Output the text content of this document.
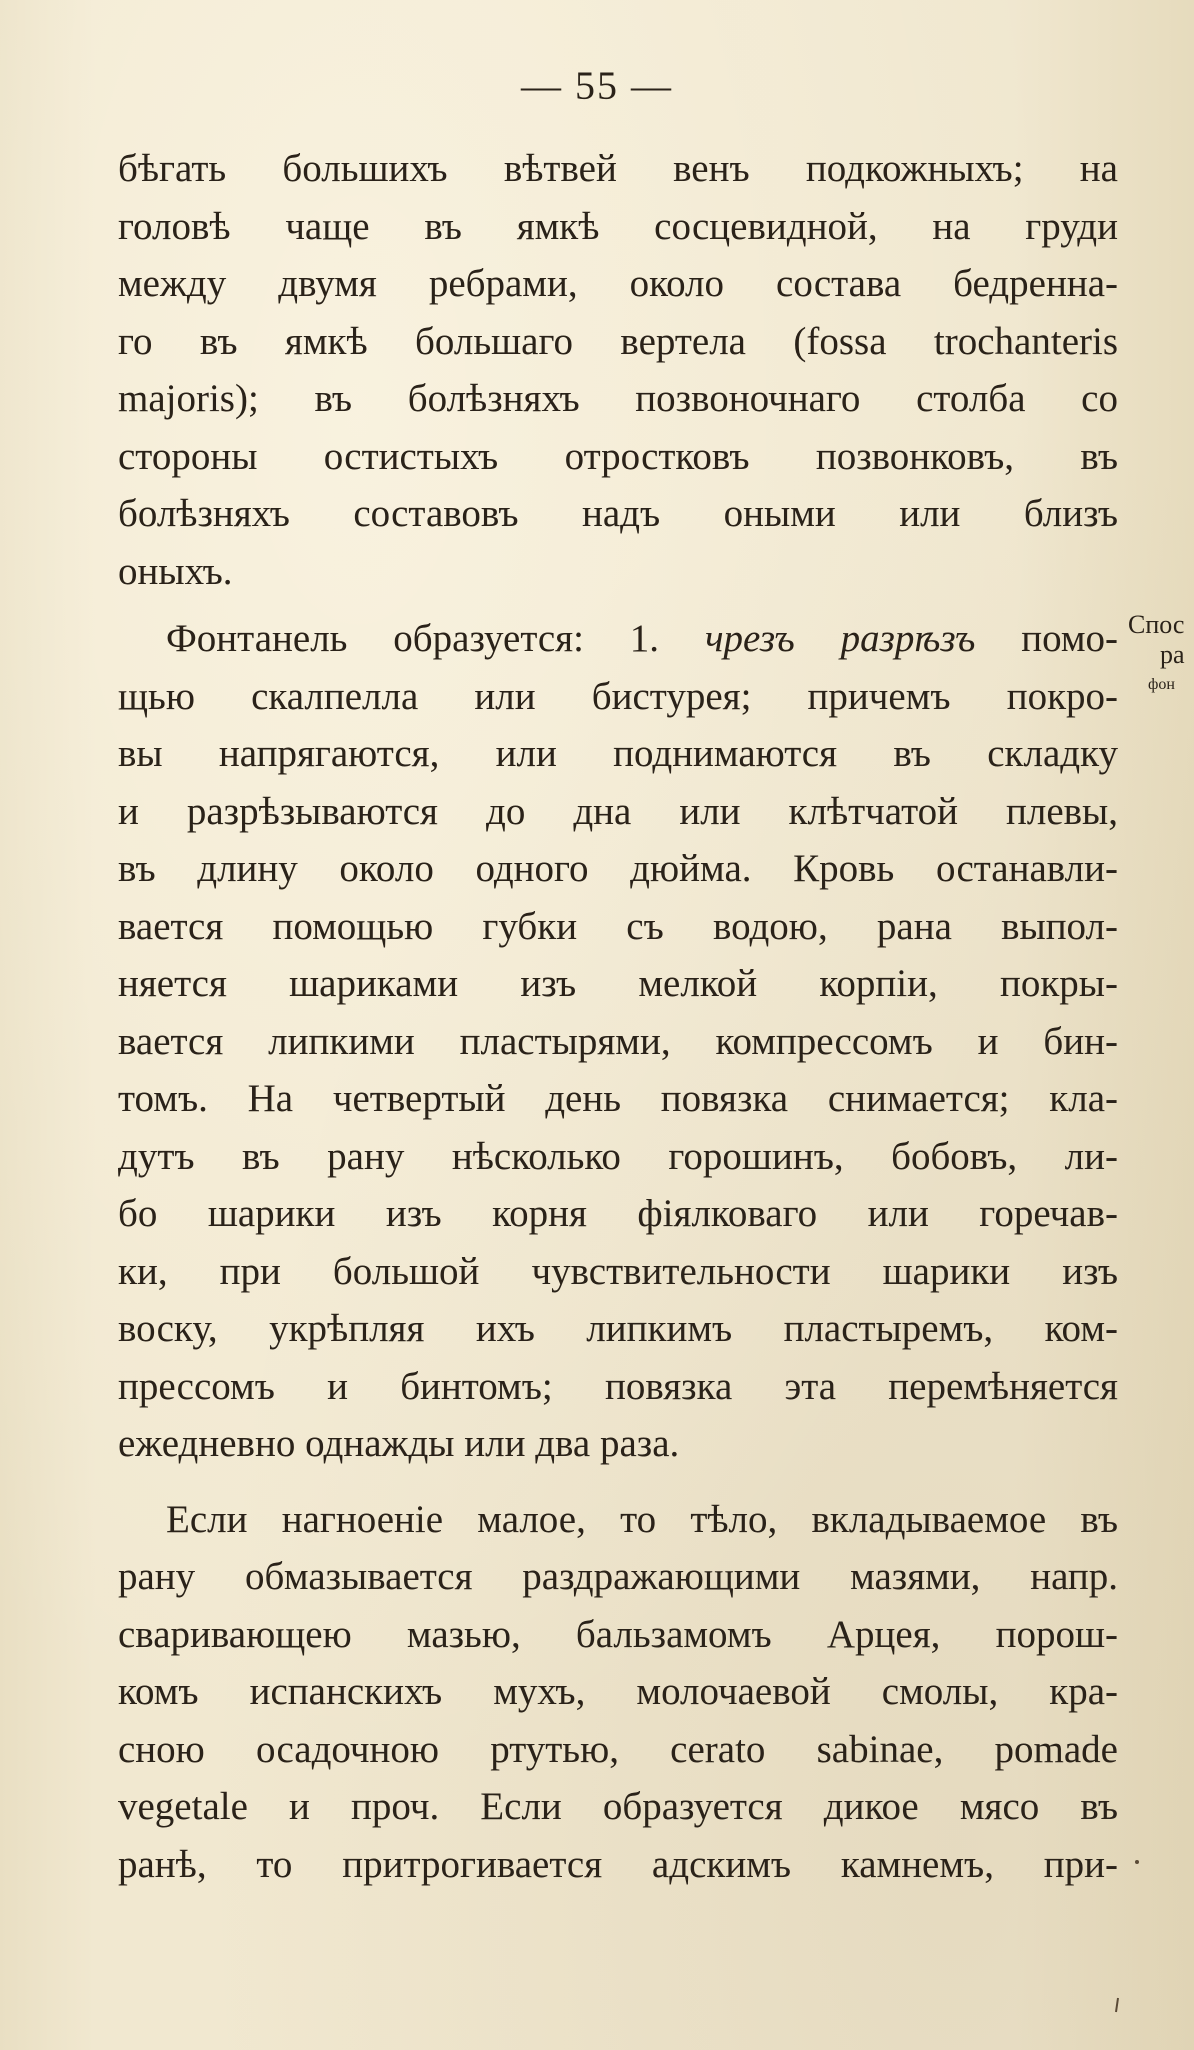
— 55 —
бѣгать большихъ вѣтвей венъ подкожныхъ; на
головѣ чаще въ ямкѣ сосцевидной, на груди
между двумя ребрами, около состава бедренна-
го въ ямкѣ большаго вертела (fossa trochanteris
majoris); въ болѣзняхъ позвоночнаго столба со
стороны остистыхъ отростковъ позвонковъ, въ
болѣзняхъ составовъ надъ оными или близъ
оныхъ.
Фонтанель образуется: 1. чрезъ разрѣзъ помо-
щью скалпелла или бистурея; причемъ покро-
вы напрягаются, или поднимаются въ складку
и разрѣзываются до дна или клѣтчатой плевы,
въ длину около одного дюйма. Кровь останавли-
вается помощью губки съ водою, рана выпол-
няется шариками изъ мелкой корпіи, покры-
вается липкими пластырями, компрессомъ и бин-
томъ. На четвертый день повязка снимается; кла-
дутъ въ рану нѣсколько горошинъ, бобовъ, ли-
бо шарики изъ корня фіялковаго или горечав-
ки, при большой чувствительности шарики изъ
воску, укрѣпляя ихъ липкимъ пластыремъ, ком-
прессомъ и бинтомъ; повязка эта перемѣняется
ежедневно однажды или два раза.
Если нагноеніе малое, то тѣло, вкладываемое въ
рану обмазывается раздражающими мазями, напр.
сваривающею мазью, бальзамомъ Арцея, порош-
комъ испанскихъ мухъ, молочаевой смолы, кра-
сною осадочною ртутью, cerato sabinae, pomade
vegetale и проч. Если образуется дикое мясо въ
ранѣ, то притрогивается адскимъ камнемъ, при-
Спос
ра
фон
